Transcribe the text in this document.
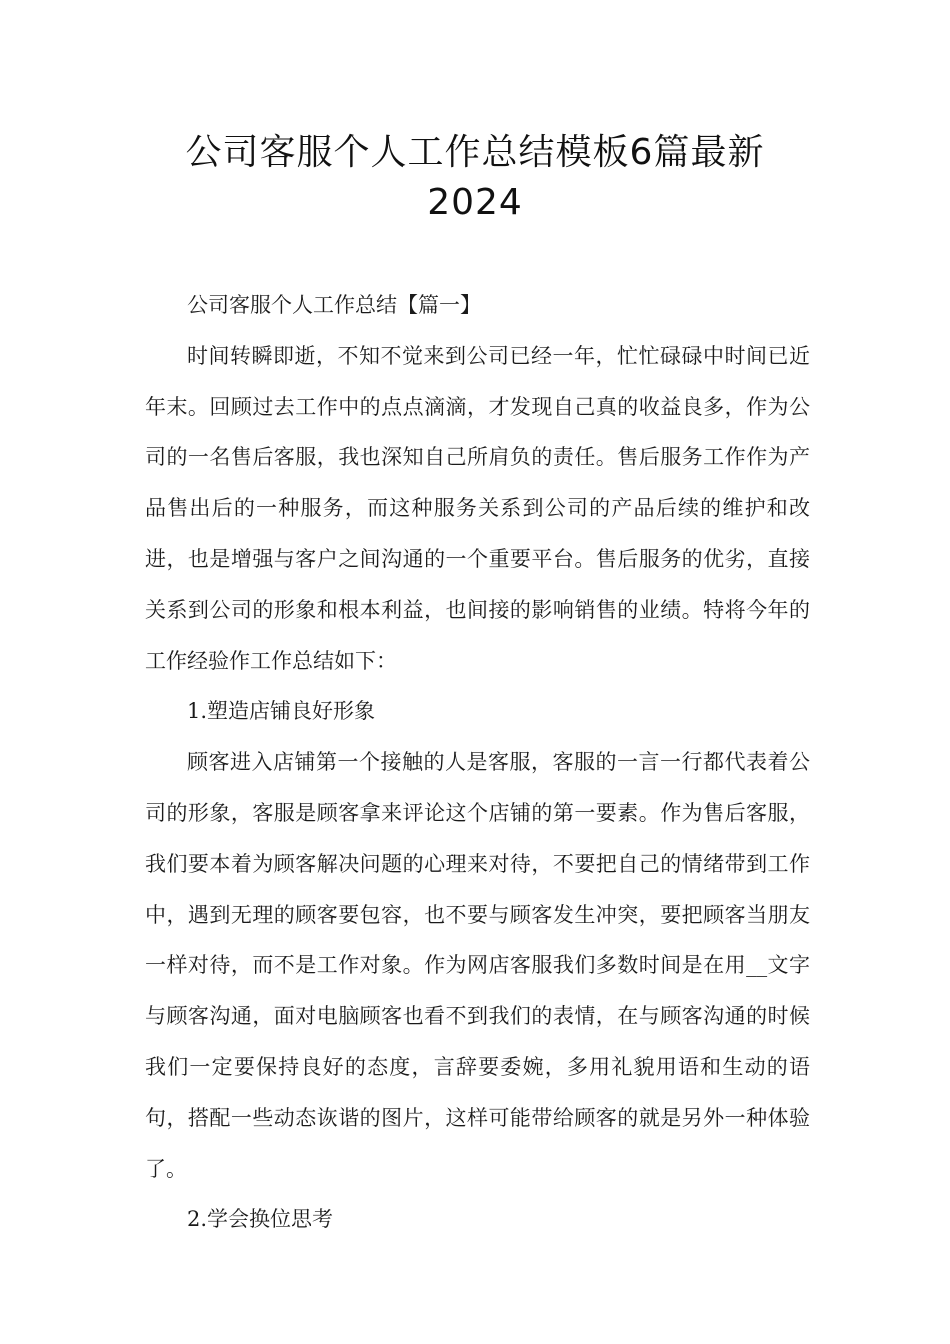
公司客服个人工作总结模板6篇最新
2024

公司客服个人工作总结【篇一】

时间转瞬即逝，不知不觉来到公司已经一年，忙忙碌碌中时间已近年末。回顾过去工作中的点点滴滴，才发现自己真的收益良多，作为公司的一名售后客服，我也深知自己所肩负的责任。售后服务工作作为产品售出后的一种服务，而这种服务关系到公司的产品后续的维护和改进，也是增强与客户之间沟通的一个重要平台。售后服务的优劣，直接关系到公司的形象和根本利益，也间接的影响销售的业绩。特将今年的工作经验作工作总结如下：

1.塑造店铺良好形象

顾客进入店铺第一个接触的人是客服，客服的一言一行都代表着公司的形象，客服是顾客拿来评论这个店铺的第一要素。作为售后客服，我们要本着为顾客解决问题的心理来对待，不要把自己的情绪带到工作中，遇到无理的顾客要包容，也不要与顾客发生冲突，要把顾客当朋友一样对待，而不是工作对象。作为网店客服我们多数时间是在用__文字与顾客沟通，面对电脑顾客也看不到我们的表情，在与顾客沟通的时候我们一定要保持良好的态度，言辞要委婉，多用礼貌用语和生动的语句，搭配一些动态诙谐的图片，这样可能带给顾客的就是另外一种体验了。

2.学会换位思考
